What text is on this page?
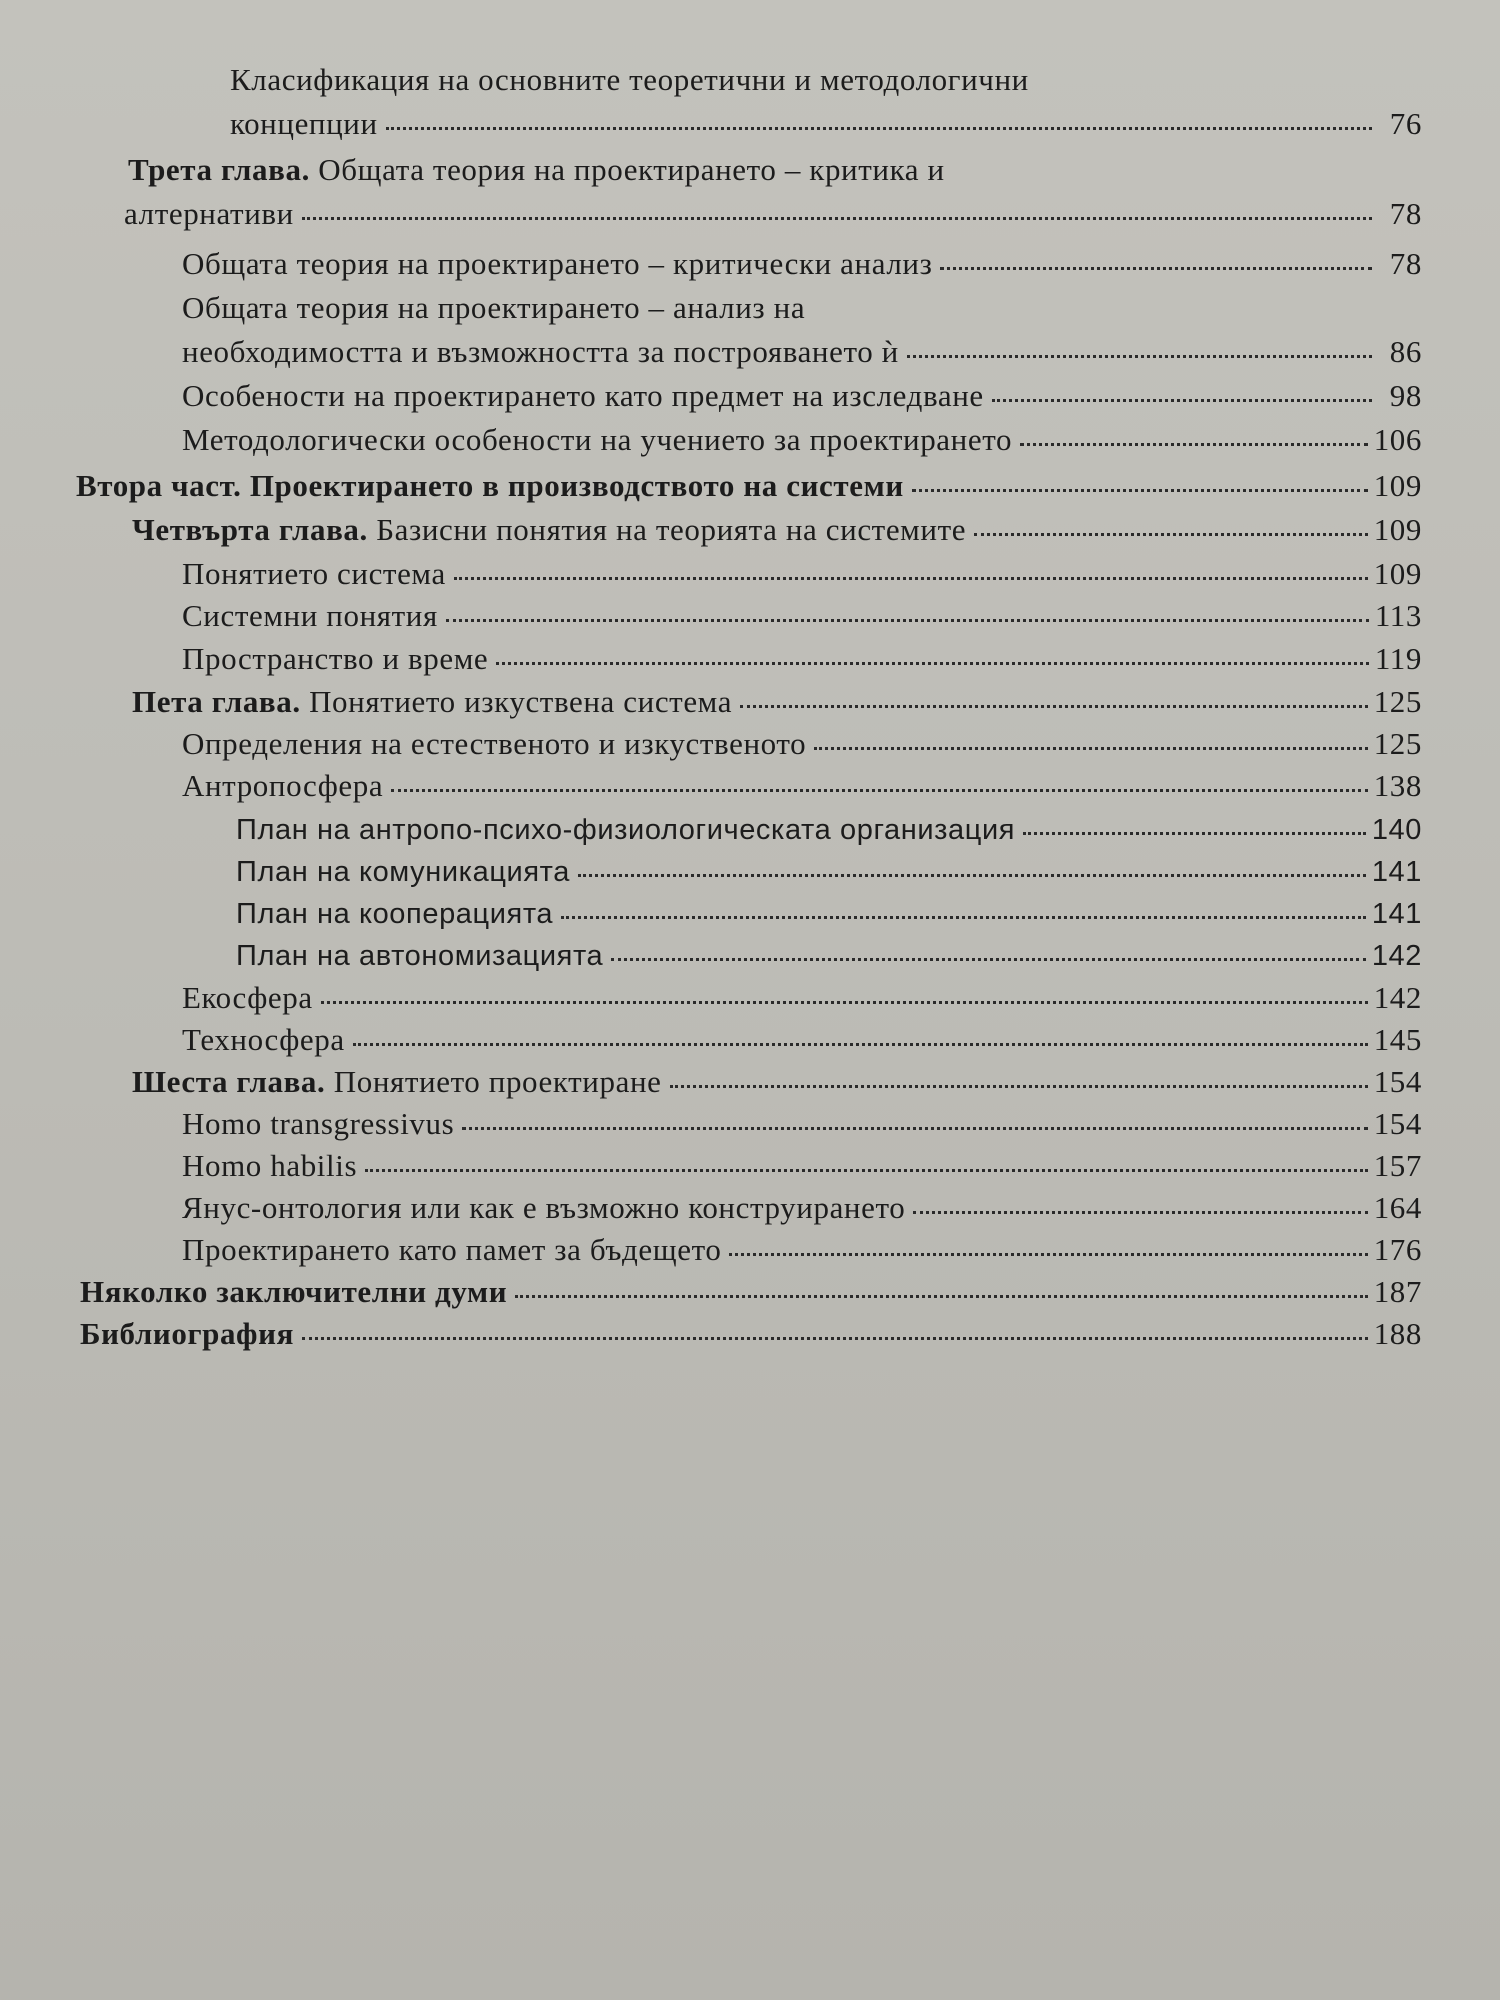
Класификация на основните теоретични и методологични
концепции	76
Трета глава. Общата теория на проектирането – критика и
алтернативи	78
Общата теория на проектирането – критически анализ	78
Общата теория на проектирането – анализ на
необходимостта и възможността за построяването ѝ	86
Особености на проектирането като предмет на изследване	98
Методологически особености на учението за проектирането	106
Втора част. Проектирането в производството на системи	109
Четвърта глава. Базисни понятия на теорията на системите	109
Понятието система	109
Системни понятия	113
Пространство и време	119
Пета глава. Понятието изкуствена система	125
Определения на естественото и изкуственото	125
Антропосфера	138
План на антропо-психо-физиологическата организация	140
План на комуникацията	141
План на кооперацията	141
План на автономизацията	142
Екосфера	142
Техносфера	145
Шеста глава. Понятието проектиране	154
Homo transgressivus	154
Homo habilis	157
Янус-онтология или как е възможно конструирането	164
Проектирането като памет за бъдещето	176
Няколко заключителни думи	187
Библиография	188
